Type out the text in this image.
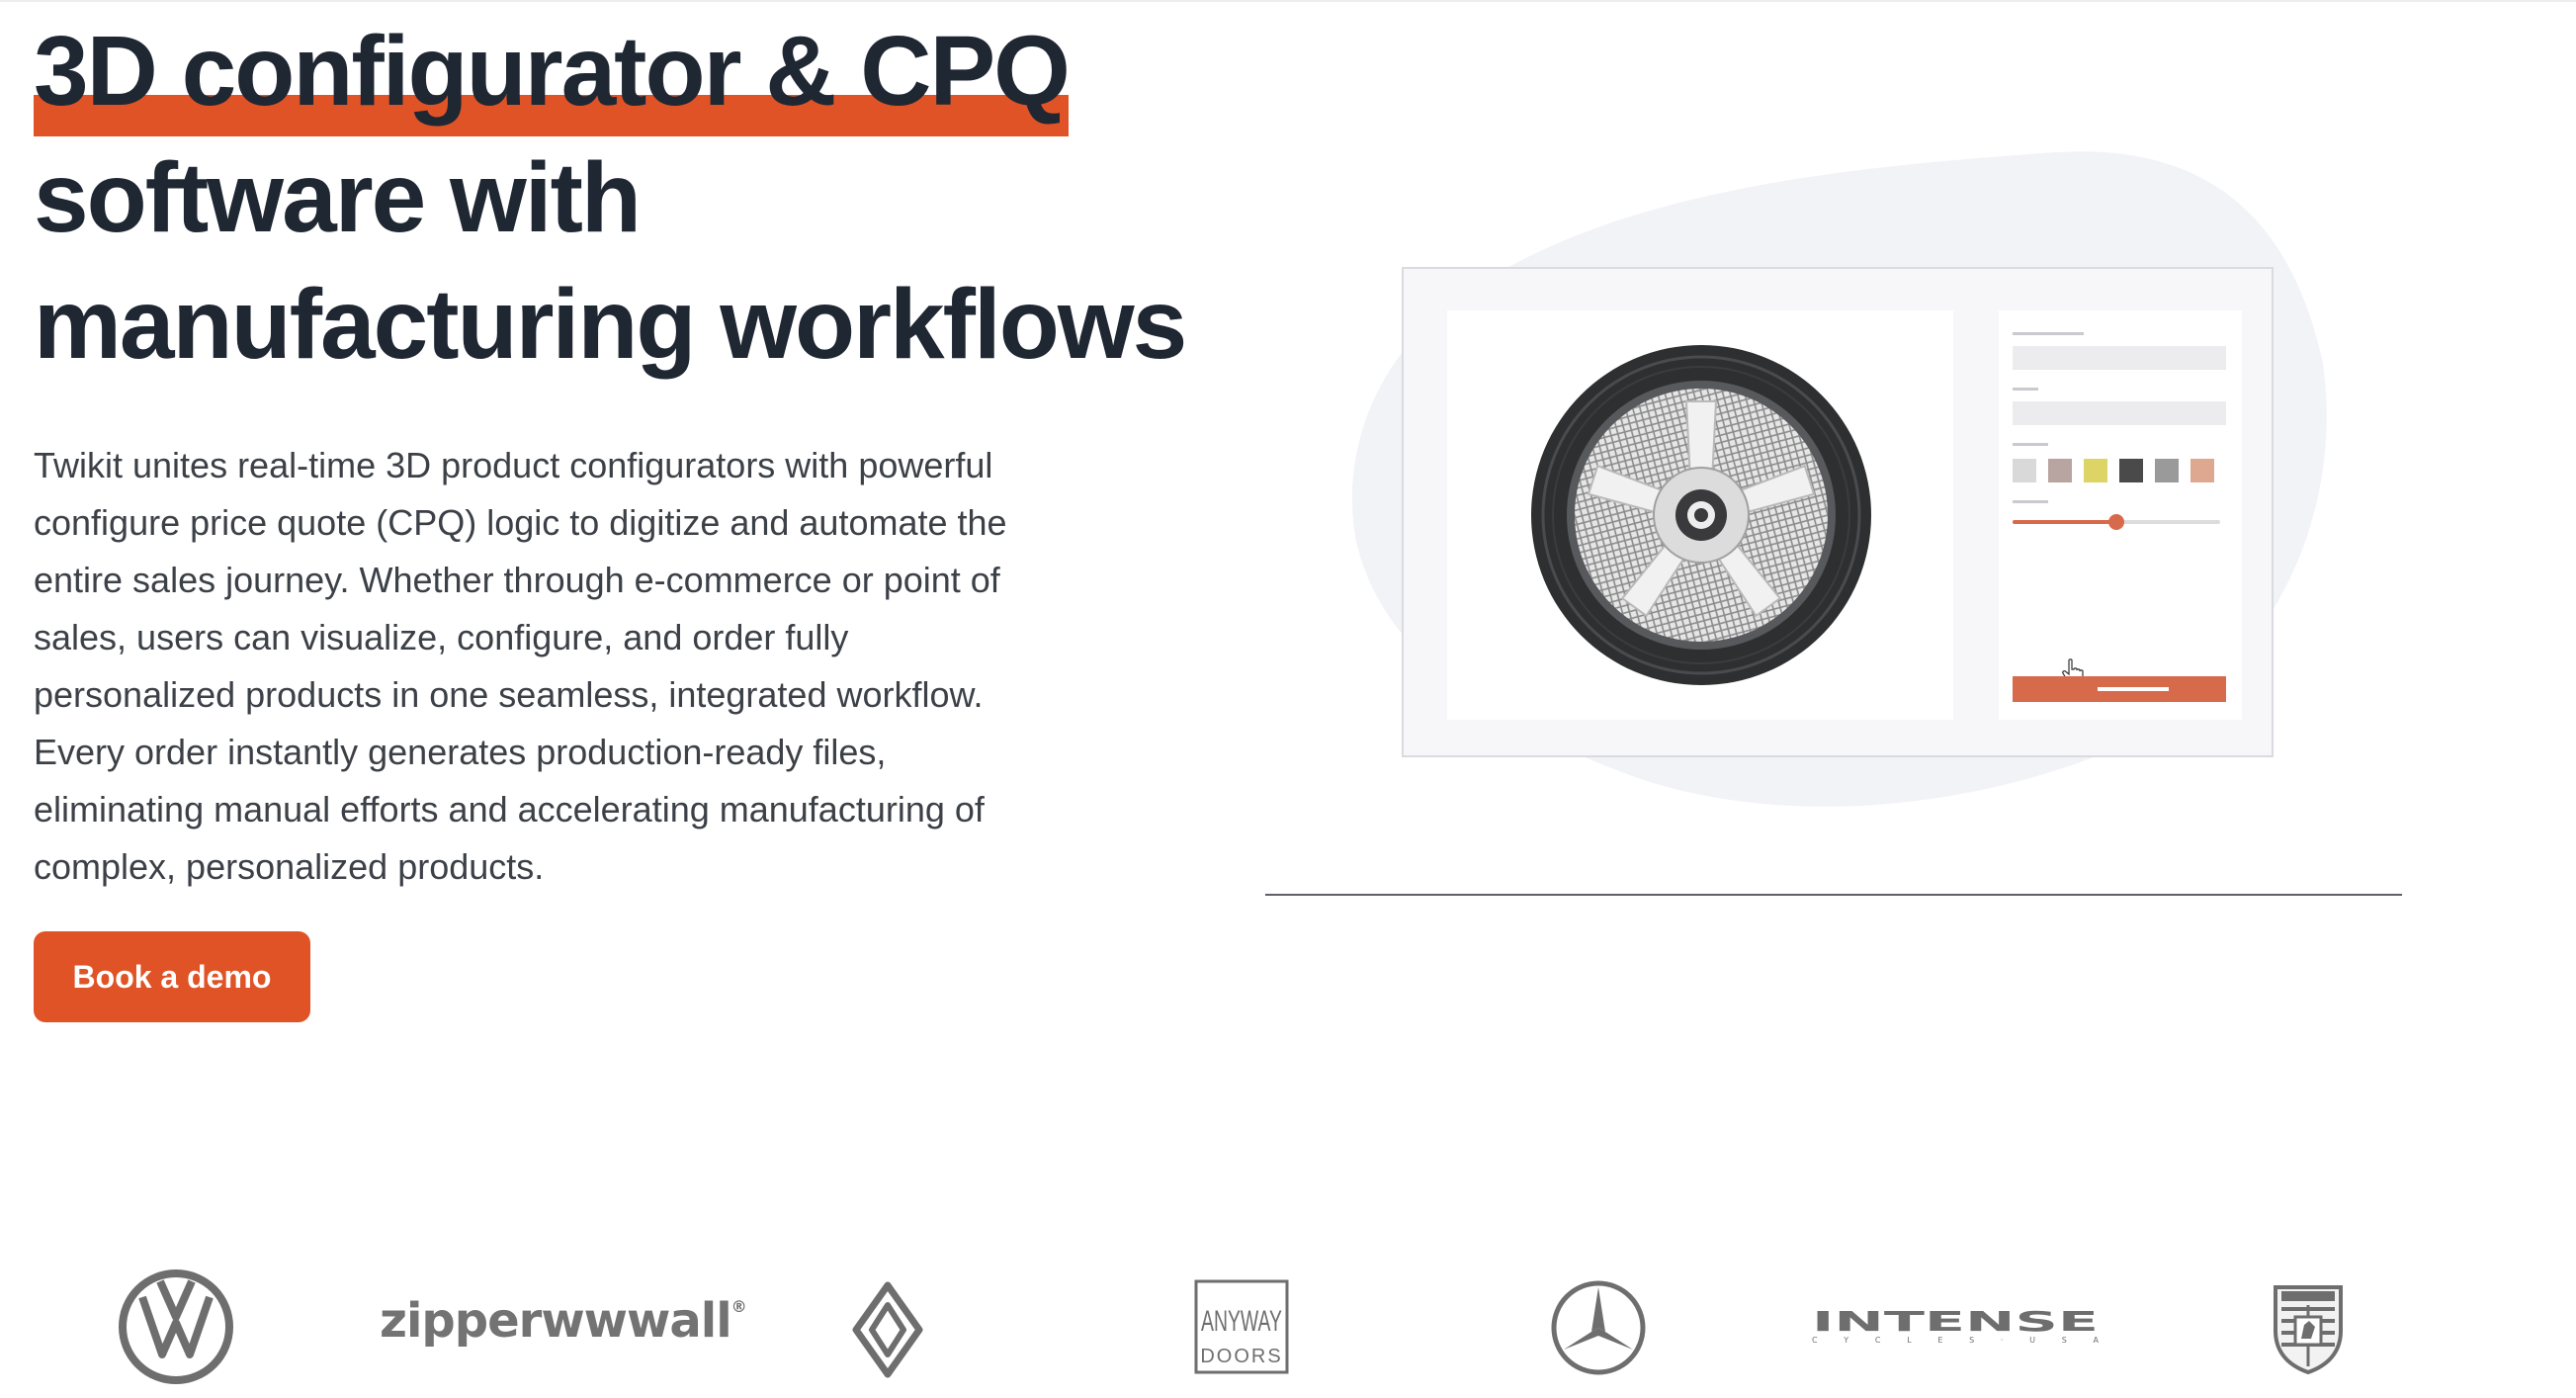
3D configurator & CPQ
software with
manufacturing workflows

Twikit unites real-time 3D product configurators with powerful configure price quote (CPQ) logic to digitize and automate the entire sales journey. Whether through e-commerce or point of sales, users can visualize, configure, and order fully personalized products in one seamless, integrated workflow. Every order instantly generates production-ready files, eliminating manual efforts and accelerating manufacturing of complex, personalized products.

Book a demo
zipperwwwall®	ANYWAY
DOORS
INTENSE
C Y C L E S · U S A
